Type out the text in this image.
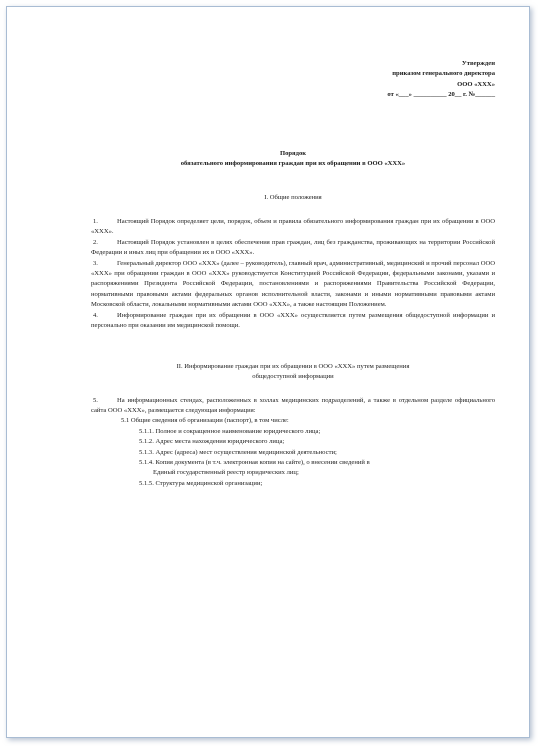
Утвержден
приказом генерального директора
ООО «ХХХ»
от «___» __________ 20__ г. №______
Порядок
обязательного информирования граждан при их обращении в ООО «ХХХ»
I. Общие положения

1.	Настоящий Порядок определяет цели, порядок, объем и правила обязательного информирования граждан при их обращении в ООО «ХХХ».

2.	Настоящий Порядок установлен в целях обеспечения прав граждан, лиц без гражданства, проживающих на территории Российской Федерации и иных лиц при обращении их в ООО «ХХХ».

3.	Генеральный директор ООО «ХХХ» (далее – руководитель), главный врач, административный, медицинский и прочий персонал ООО «ХХХ» при обращении граждан в ООО «ХХХ» руководствуется Конституцией Российской Федерации, федеральными законами, указами и распоряжениями Президента Российской Федерации, постановлениями и распоряжениями Правительства Российской Федерации, нормативными правовыми актами федеральных органов исполнительной власти, законами и иными нормативными правовыми актами Московской области, локальными нормативными актами ООО «ХХХ», а также настоящим Положением.

4.	Информирование граждан при их обращении в ООО «ХХХ» осуществляется путем размещения общедоступной информации и персонально при оказании им медицинской помощи.

II. Информирование граждан при их обращении в ООО «ХХХ» путем размещения
общедоступной информации

5.	На информационных стендах, расположенных в холлах медицинских подразделений, а также в отдельном разделе официального сайта ООО «ХХХ», размещается следующая информация:

5.1 Общие сведения об организации (паспорт), в том числе:
5.1.1. Полное и сокращенное наименование юридического лица;
5.1.2. Адрес места нахождения юридического лица;
5.1.3. Адрес (адреса) мест осуществления медицинской деятельности;
5.1.4. Копия документа (в т.ч. электронная копия на сайте), о внесении сведений в
Единый государственный реестр юридических лиц;
5.1.5. Структура медицинской организации;
